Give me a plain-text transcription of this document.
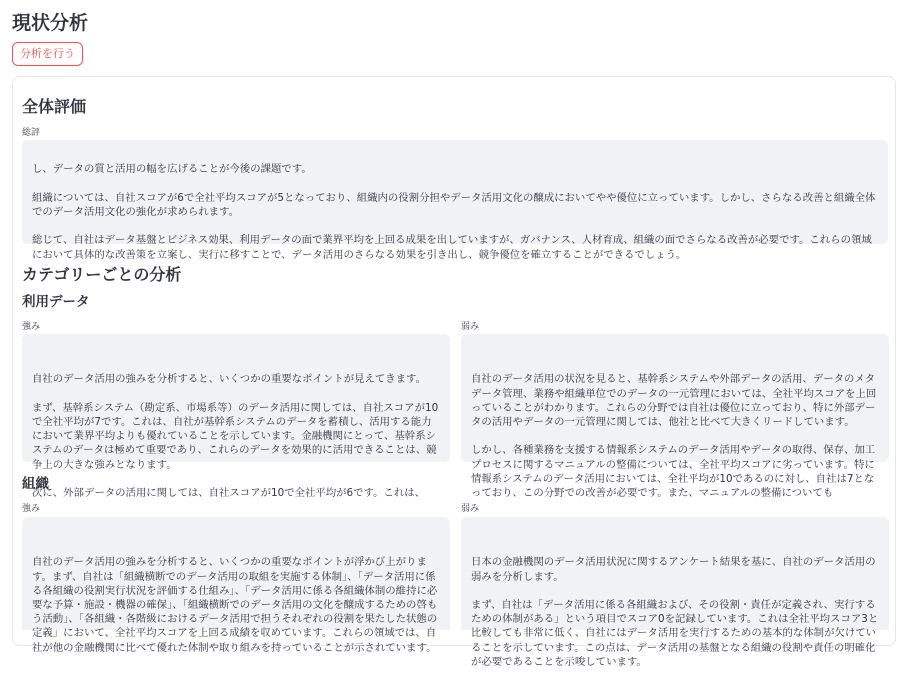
現状分析
分析を行う
全体評価
総評

し、データの質と活用の幅を広げることが今後の課題です。

組織については、自社スコアが6で全社平均スコアが5となっており、組織内の役割分担やデータ活用文化の醸成においてやや優位に立っています。しかし、さらなる改善と組織全体でのデータ活用文化の強化が求められます。

総じて、自社はデータ基盤とビジネス効果、利用データの面で業界平均を上回る成果を出していますが、ガバナンス、人材育成、組織の面でさらなる改善が必要です。これらの領域において具体的な改善策を立案し、実行に移すことで、データ活用のさらなる効果を引き出し、競争優位を確立することができるでしょう。

カテゴリーごとの分析
利用データ
強み	弱み

自社のデータ活用の強みを分析すると、いくつかの重要なポイントが見えてきます。

まず、基幹系システム（勘定系、市場系等）のデータ活用に関しては、自社スコアが10で全社平均が7です。これは、自社が基幹系システムのデータを蓄積し、活用する能力において業界平均よりも優れていることを示しています。金融機関にとって、基幹系システムのデータは極めて重要であり、これらのデータを効果的に活用できることは、競争上の大きな強みとなります。

次に、外部データの活用に関しては、自社スコアが10で全社平均が6です。これは、

自社のデータ活用の状況を見ると、基幹系システムや外部データの活用、データのメタデータ管理、業務や組織単位でのデータの一元管理においては、全社平均スコアを上回っていることがわかります。これらの分野では自社は優位に立っており、特に外部データの活用やデータの一元管理に関しては、他社と比べて大きくリードしています。

しかし、各種業務を支援する情報系システムのデータ活用やデータの取得、保存、加工プロセスに関するマニュアルの整備については、全社平均スコアに劣っています。特に情報系システムのデータ活用においては、全社平均が10であるのに対し、自社は7となっており、この分野での改善が必要です。また、マニュアルの整備についても

組織
強み	弱み

自社のデータ活用の強みを分析すると、いくつかの重要なポイントが浮かび上がります。まず、自社は「組織横断でのデータ活用の取組を実施する体制」、「データ活用に係る各組織の役割実行状況を評価する仕組み」、「データ活用に係る各組織体制の維持に必要な予算・施設・機器の確保」、「組織横断でのデータ活用の文化を醸成するための啓もう活動」、「各組織・各階級におけるデータ活用で担うそれぞれの役割を果たした状態の定義」において、全社平均スコアを上回る成績を収めています。これらの領域では、自社が他の金融機関に比べて優れた体制や取り組みを持っていることが示されています。

日本の金融機関のデータ活用状況に関するアンケート結果を基に、自社のデータ活用の弱みを分析します。

まず、自社は「データ活用に係る各組織および、その役割・責任が定義され、実行するための体制がある」という項目でスコア0を記録しています。これは全社平均スコア3と比較しても非常に低く、自社にはデータ活用を実行するための基本的な体制が欠けていることを示しています。この点は、データ活用の基盤となる組織の役割や責任の明確化が必要であることを示唆しています。
